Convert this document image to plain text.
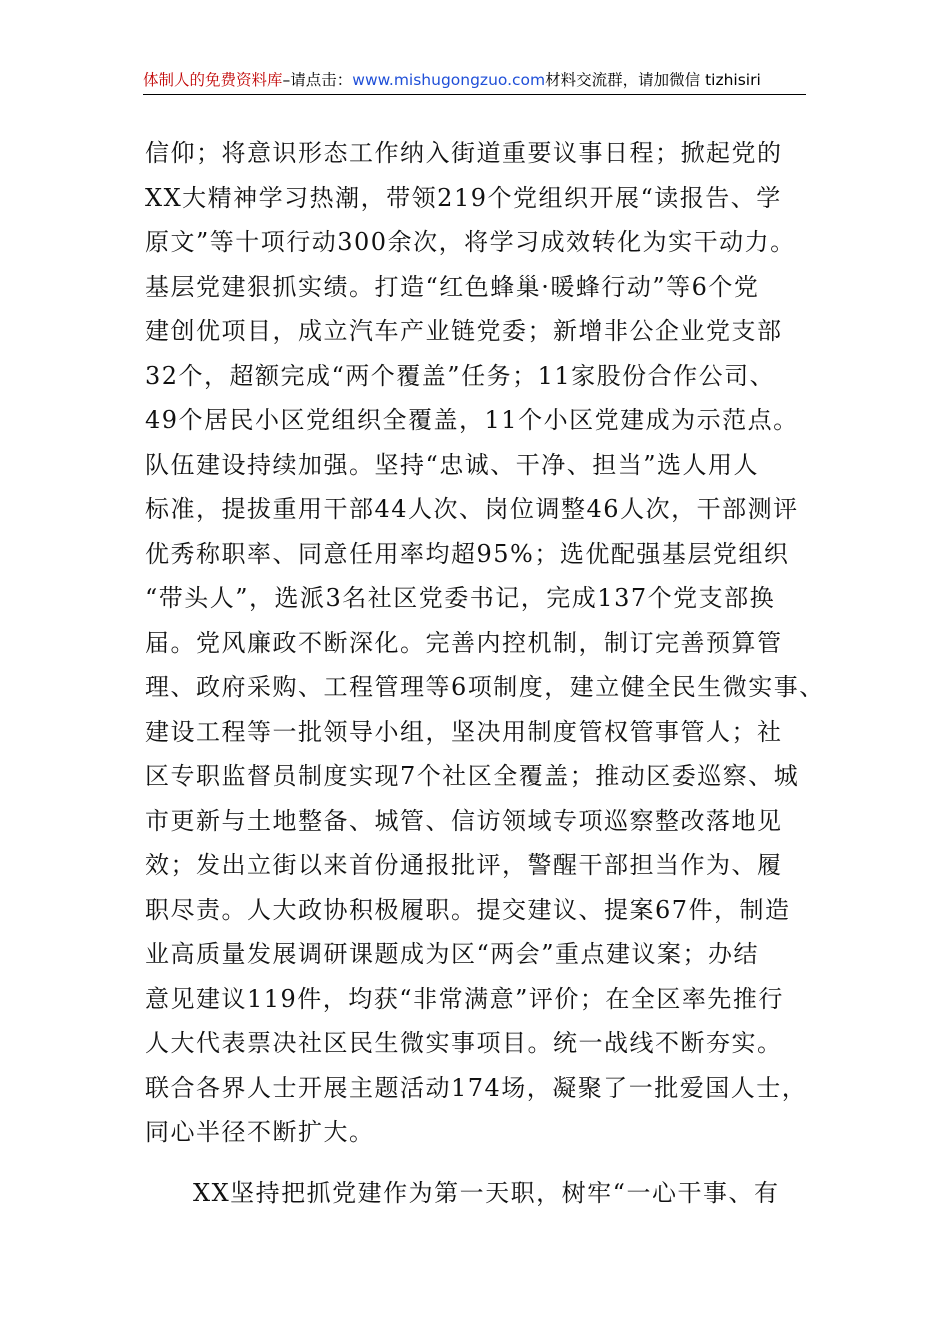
体制人的免费资料库–请点击：www.mishugongzuo.com材料交流群，请加微信 tizhisiri
信仰；将意识形态工作纳入街道重要议事日程；掀起党的
XX大精神学习热潮，带领219个党组织开展“读报告、学
原文”等十项行动300余次，将学习成效转化为实干动力。
基层党建狠抓实绩。打造“红色蜂巢·暖蜂行动”等6个党
建创优项目，成立汽车产业链党委；新增非公企业党支部
32个，超额完成“两个覆盖”任务；11家股份合作公司、
49个居民小区党组织全覆盖，11个小区党建成为示范点。
队伍建设持续加强。坚持“忠诚、干净、担当”选人用人
标准，提拔重用干部44人次、岗位调整46人次，干部测评
优秀称职率、同意任用率均超95%；选优配强基层党组织
“带头人”，选派3名社区党委书记，完成137个党支部换
届。党风廉政不断深化。完善内控机制，制订完善预算管
理、政府采购、工程管理等6项制度，建立健全民生微实事、
建设工程等一批领导小组，坚决用制度管权管事管人；社
区专职监督员制度实现7个社区全覆盖；推动区委巡察、城
市更新与土地整备、城管、信访领域专项巡察整改落地见
效；发出立街以来首份通报批评，警醒干部担当作为、履
职尽责。人大政协积极履职。提交建议、提案67件，制造
业高质量发展调研课题成为区“两会”重点建议案；办结
意见建议119件，均获“非常满意”评价；在全区率先推行
人大代表票决社区民生微实事项目。统一战线不断夯实。
联合各界人士开展主题活动174场，凝聚了一批爱国人士，
同心半径不断扩大。
XX坚持把抓党建作为第一天职，树牢“一心干事、有
